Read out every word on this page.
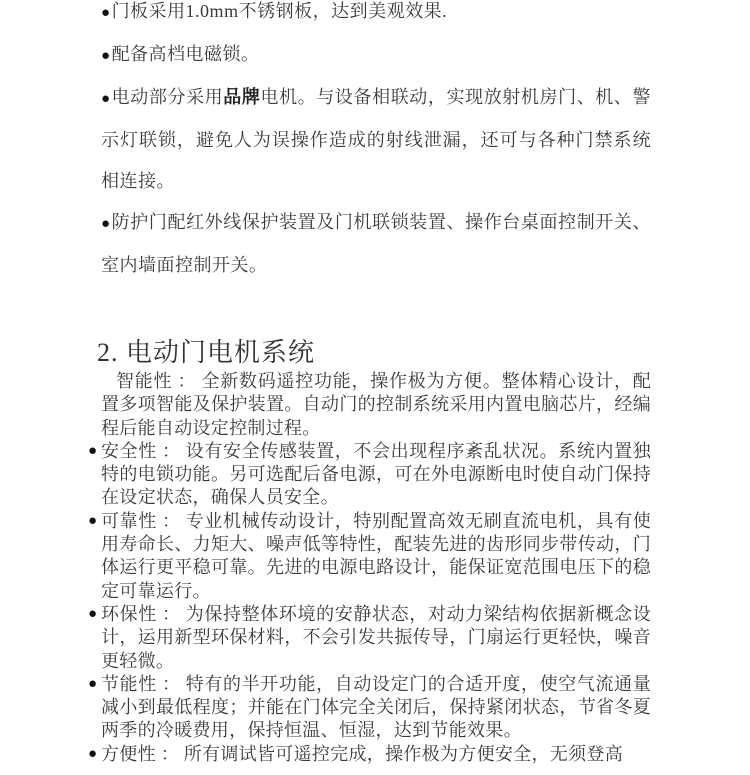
●门板采用1.0mm不锈钢板，达到美观效果.

●配备高档电磁锁。

●电动部分采用品牌电机。与设备相联动，实现放射机房门、机、警示灯联锁，避免人为误操作造成的射线泄漏，还可与各种门禁系统相连接。

●防护门配红外线保护装置及门机联锁装置、操作台桌面控制开关、室内墙面控制开关。

2. 电动门电机系统

智能性 ： 全新数码遥控功能，操作极为方便。整体精心设计，配置多项智能及保护装置。自动门的控制系统采用内置电脑芯片，经编程后能自动设定控制过程。

● 安全性 ： 设有安全传感装置，不会出现程序紊乱状况。系统内置独特的电锁功能。另可选配后备电源，可在外电源断电时使自动门保持在设定状态，确保人员安全。

● 可靠性 ： 专业机械传动设计，特别配置高效无刷直流电机，具有使用寿命长、力矩大、噪声低等特性，配装先进的齿形同步带传动，门体运行更平稳可靠。先进的电源电路设计，能保证宽范围电压下的稳定可靠运行。

● 环保性 ： 为保持整体环境的安静状态，对动力梁结构依据新概念设计，运用新型环保材料，不会引发共振传导，门扇运行更轻快，噪音更轻微。

● 节能性 ： 特有的半开功能，自动设定门的合适开度，使空气流通量减小到最低程度；并能在门体完全关闭后，保持紧闭状态，节省冬夏两季的冷暖费用，保持恒温、恒湿，达到节能效果。

● 方便性 ： 所有调试皆可遥控完成，操作极为方便安全，无须登高
